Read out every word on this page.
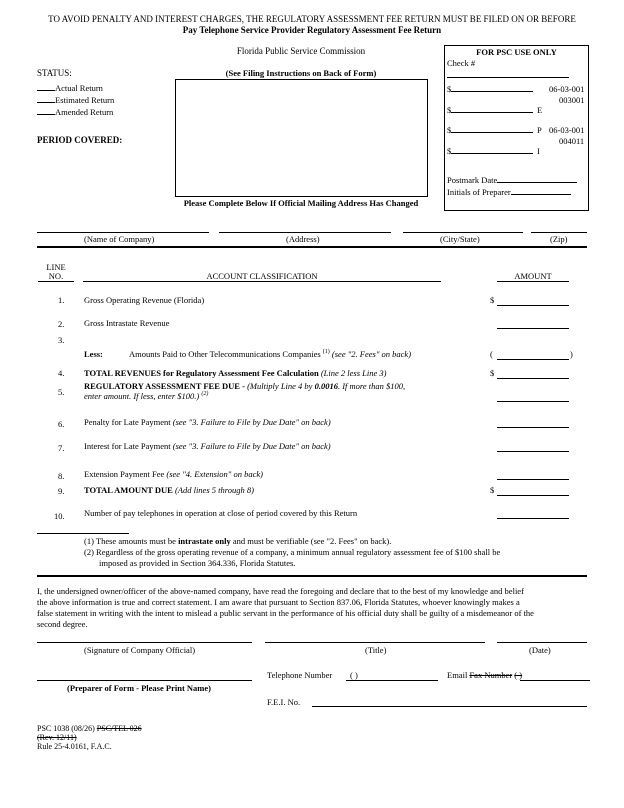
TO AVOID PENALTY AND INTEREST CHARGES, THE REGULATORY ASSESSMENT FEE RETURN MUST BE FILED ON OR BEFORE
Pay Telephone Service Provider Regulatory Assessment Fee Return
Florida Public Service Commission
(See Filing Instructions on Back of Form)
STATUS:
Actual Return
Estimated Return
Amended Return
PERIOD COVERED:
Please Complete Below If Official Mailing Address Has Changed
FOR PSC USE ONLY
Check #
$	06-03-001
003001
$	E
$	P 06-03-001
004011
$	I
Postmark Date
Initials of Preparer
(Name of Company)	(Address)	(City/State)	(Zip)
LINE
NO.	ACCOUNT CLASSIFICATION	AMOUNT
1. Gross Operating Revenue (Florida)	$
2. Gross Intrastate Revenue
3.
Less:	Amounts Paid to Other Telecommunications Companies $^{(1)}$ (see "2. Fees" on back)	(	)
4. TOTAL REVENUES for Regulatory Assessment Fee Calculation (Line 2 less Line 3)	$
5.
REGULATORY ASSESSMENT FEE DUE - (Multiply Line 4 by 0.0016. If more than $100,
enter amount. If less, enter $100.) $^{(2)}$
6. Penalty for Late Payment (see "3. Failure to File by Due Date" on back)
7. Interest for Late Payment (see "3. Failure to File by Due Date" on back)
8. Extension Payment Fee (see "4. Extension" on back)
9. TOTAL AMOUNT DUE (Add lines 5 through 8)	$
10. Number of pay telephones in operation at close of period covered by this Return
(1) These amounts must be intrastate only and must be verifiable (see "2. Fees" on back).
(2) Regardless of the gross operating revenue of a company, a minimum annual regulatory assessment fee of $100 shall be
imposed as provided in Section 364.336, Florida Statutes.
I, the undersigned owner/officer of the above-named company, have read the foregoing and declare that to the best of my knowledge and belief
the above information is true and correct statement. I am aware that pursuant to Section 837.06, Florida Statutes, whoever knowingly makes a
false statement in writing with the intent to mislead a public servant in the performance of his official duty shall be guilty of a misdemeanor of the
second degree.
(Signature of Company Official)	(Title)	(Date)
(Preparer of Form - Please Print Name)
Telephone Number ( )	Email Fax Number ( )
F.E.I. No.
PSC 1038 (08/26) PSC/TEL 026
(Rev. 12/11)
Rule 25-4.0161, F.A.C.
